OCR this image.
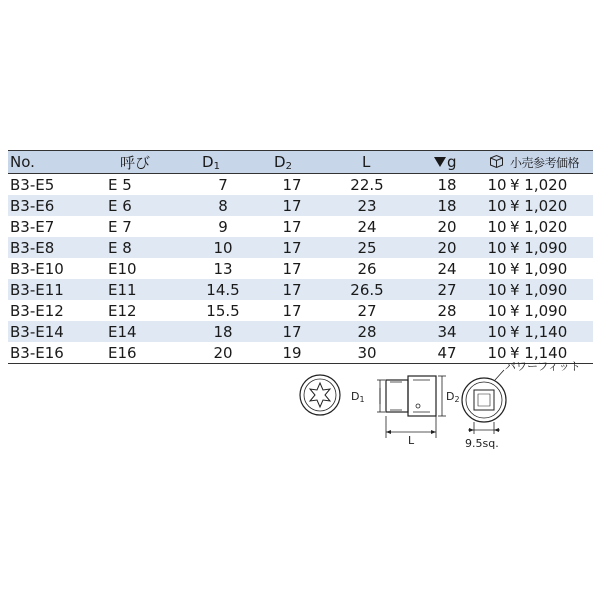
No.	呼び	$D_1$	$D_2$	L	g		小売参考価格
B3-E5	E 5	7	17	22.5	18	10	¥ 1,020
B3-E6	E 6	8	17	23	18	10	¥ 1,020
B3-E7	E 7	9	17	24	20	10	¥ 1,020
B3-E8	E 8	10	17	25	20	10	¥ 1,090
B3-E10	E10	13	17	26	24	10	¥ 1,090
B3-E11	E11	14.5	17	26.5	27	10	¥ 1,090
B3-E12	E12	15.5	17	27	28	10	¥ 1,090
B3-E14	E14	18	17	28	34	10	¥ 1,140
B3-E16	E16	20	19	30	47	10	¥ 1,140
D1	D2
L
パワーフィット
9.5sq.
